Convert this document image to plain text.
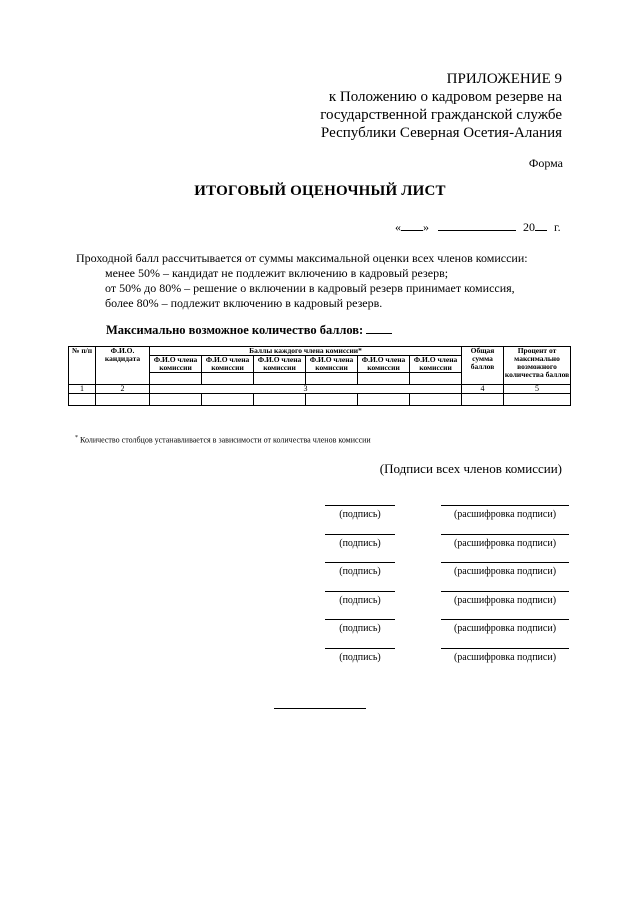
ПРИЛОЖЕНИЕ 9
к Положению о кадровом резерве на
государственной гражданской службе
Республики Северная Осетия-Алания
Форма
ИТОГОВЫЙ ОЦЕНОЧНЫЙ ЛИСТ
« »	20 г.
Проходной балл рассчитывается от суммы максимальной оценки всех членов комиссии:
менее 50% – кандидат не подлежит включению в кадровый резерв;
от 50% до 80% – решение о включении в кадровый резерв принимает комиссия,
более 80% – подлежит включению в кадровый резерв.
Максимально возможное количество баллов:
№ п/п	Ф.И.О. кандидата	Баллы каждого члена комиссии*						Общая сумма баллов	Процент от максимально возможного количества баллов
		Ф.И.О члена комиссии	Ф.И.О члена комиссии	Ф.И.О члена комиссии	Ф.И.О члена комиссии	Ф.И.О члена комиссии	Ф.И.О члена комиссии		

1	2	3						4	5

* Количество столбцов устанавливается в зависимости от количества членов комиссии
(Подписи всех членов комиссии)
(подпись)	(расшифровка подписи)
(подпись)	(расшифровка подписи)
(подпись)	(расшифровка подписи)
(подпись)	(расшифровка подписи)
(подпись)	(расшифровка подписи)
(подпись)	(расшифровка подписи)
